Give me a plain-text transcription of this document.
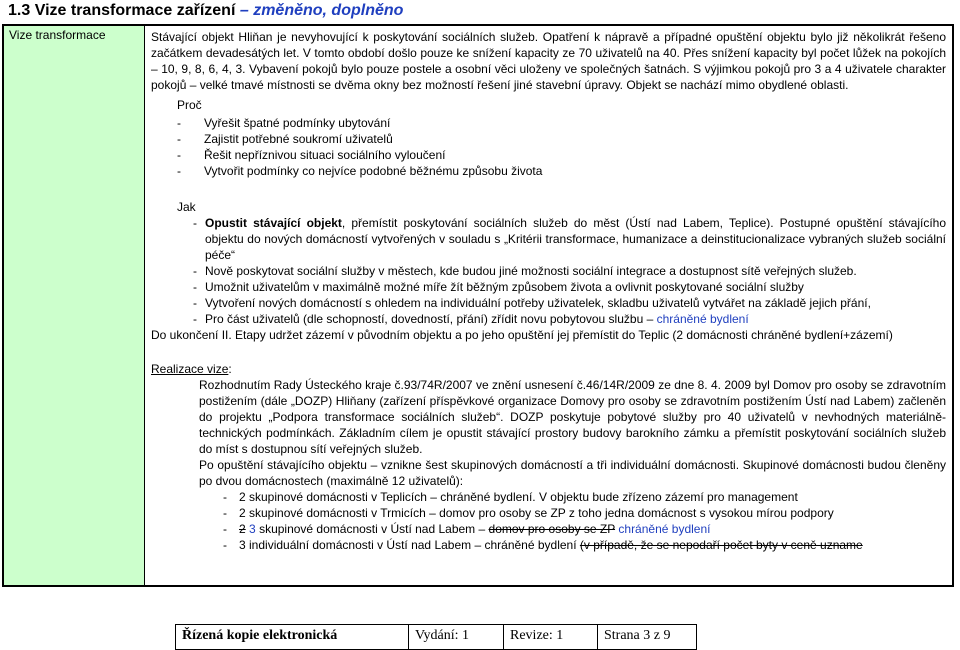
1.3 Vize transformace zařízení – změněno, doplněno
Vize transformace	Stávající objekt Hliňan je nevyhovující k poskytování sociálních služeb. Opatření k nápravě a případné opuštění objektu bylo již několikrát řešeno začátkem devadesátých let. V tomto období došlo pouze ke snížení kapacity ze 70 uživatelů na 40. Přes snížení kapacity byl počet lůžek na pokojích – 10, 9, 8, 6, 4, 3. Vybavení pokojů bylo pouze postele a osobní věci uloženy ve společných šatnách. S výjimkou pokojů pro 3 a 4 uživatele charakter pokojů – velké tmavé místnosti se dvěma okny bez možností řešení jiné stavební úpravy. Objekt se nachází mimo obydlené oblasti.

Proč
-	Vyřešit špatné podmínky ubytování
-	Zajistit potřebné soukromí uživatelů
-	Řešit nepříznivou situaci sociálního vyloučení
-	Vytvořit podmínky co nejvíce podobné běžnému způsobu života
Jak
- Opustit stávající objekt, přemístit poskytování sociálních služeb do měst (Ústí nad Labem, Teplice). Postupné opuštění stávajícího objektu do nových domácností vytvořených v souladu s „Kritérii transformace, humanizace a deinstitucionalizace vybraných služeb sociální péče“
- Nově poskytovat sociální služby v městech, kde budou jiné možnosti sociální integrace a dostupnost sítě veřejných služeb.
- Umožnit uživatelům v maximálně možné míře žít běžným způsobem života a ovlivnit poskytované sociální služby
- Vytvoření nových domácností s ohledem na individuální potřeby uživatelek, skladbu uživatelů vytvářet na základě jejich přání,
- Pro část uživatelů (dle schopností, dovedností, přání) zřídit novu pobytovou službu – chráněné bydlení

Do ukončení II. Etapy udržet zázemí v původním objektu a po jeho opuštění jej přemístit do Teplic (2 domácnosti chráněné bydlení+zázemí)

Realizace vize:

Rozhodnutím Rady Ústeckého kraje č.93/74R/2007 ve znění usnesení č.46/14R/2009 ze dne 8. 4. 2009 byl Domov pro osoby se zdravotním postižením (dále „DOZP) Hliňany (zařízení příspěvkové organizace Domovy pro osoby se zdravotním postižením Ústí nad Labem) začleněn do projektu „Podpora transformace sociálních služeb“. DOZP poskytuje pobytové služby pro 40 uživatelů v nevhodných materiálně-technických podmínkách. Základním cílem je opustit stávající prostory budovy barokního zámku a přemístit poskytování sociálních služeb do míst s dostupnou sítí veřejných služeb.

Po opuštění stávajícího objektu – vznikne šest skupinových domácností a tři individuální domácnosti. Skupinové domácnosti budou členěny po dvou domácnostech (maximálně 12 uživatelů):

-	2 skupinové domácnosti v Teplicích – chráněné bydlení. V objektu bude zřízeno zázemí pro management
-	2 skupinové domácnosti v Trmicích – domov pro osoby se ZP z toho jedna domácnost s vysokou mírou podpory
-	2 3 skupinové domácnosti v Ústí nad Labem – domov pro osoby se ZP chráněné bydlení
-	3 individuální domácnosti v Ústí nad Labem – chráněné bydlení (v případě, že se nepodaří počet byty v ceně uzname
Řízená kopie elektronická	Vydání: 1	Revize: 1	Strana 3 z 9
